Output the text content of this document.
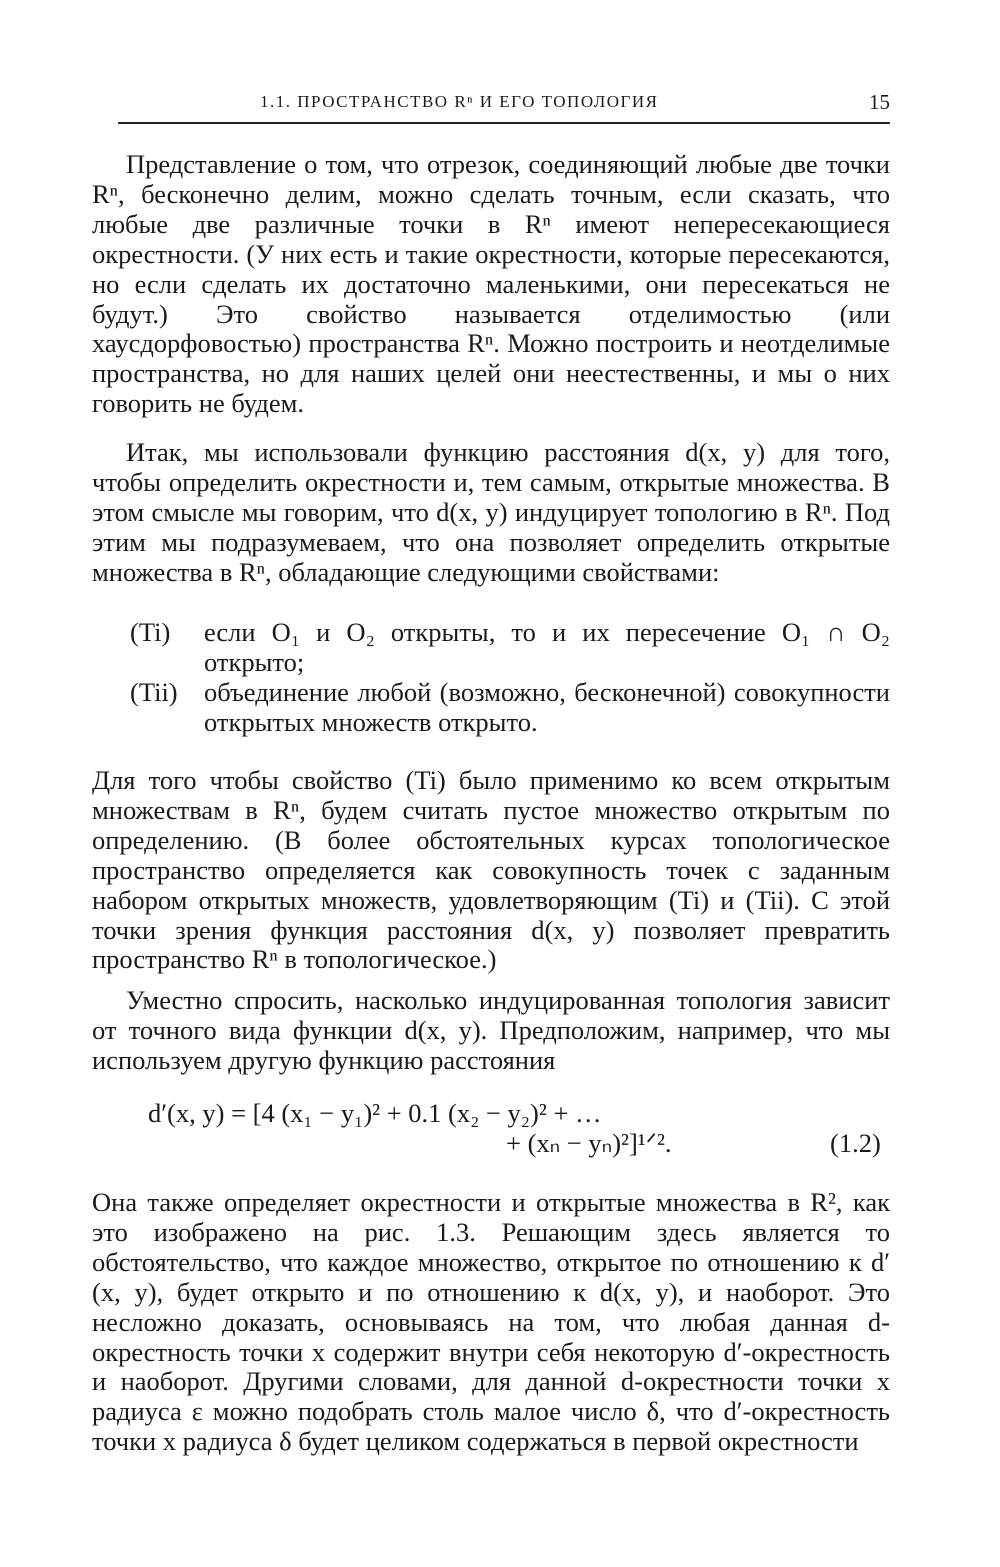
1.1. ПРОСТРАНСТВО Rⁿ И ЕГО ТОПОЛОГИЯ	15

Представление о том, что отрезок, соединяющий любые две точки Rⁿ, бесконечно делим, можно сделать точным, если сказать, что любые две различные точки в Rⁿ имеют непересекающиеся окрестности. (У них есть и такие окрестности, которые пересекаются, но если сделать их достаточно маленькими, они пересекаться не будут.) Это свойство называется отделимостью (или хаусдорфовостью) пространства Rⁿ. Можно построить и неотделимые пространства, но для наших целей они неестественны, и мы о них говорить не будем.

Итак, мы использовали функцию расстояния d(x, y) для того, чтобы определить окрестности и, тем самым, открытые множества. В этом смысле мы говорим, что d(x, y) индуцирует топологию в Rⁿ. Под этим мы подразумеваем, что она позволяет определить открытые множества в Rⁿ, обладающие следующими свойствами:

(Ti)	если O₁ и O₂ открыты, то и их пересечение O₁ ∩ O₂ открыто;
(Tii) объединение любой (возможно, бесконечной) совокупности открытых множеств открыто.

Для того чтобы свойство (Ti) было применимо ко всем открытым множествам в Rⁿ, будем считать пустое множество открытым по определению. (В более обстоятельных курсах топологическое пространство определяется как совокупность точек с заданным набором открытых множеств, удовлетворяющим (Ti) и (Tii). С этой точки зрения функция расстояния d(x, y) позволяет превратить пространство Rⁿ в топологическое.)

Уместно спросить, насколько индуцированная топология зависит от точного вида функции d(x, y). Предположим, например, что мы используем другую функцию расстояния

d′(x, y) = [4 (x₁ − y₁)² + 0.1 (x₂ − y₂)² + …
+ (xₙ − yₙ)²]¹ᐟ².	(1.2)

Она также определяет окрестности и открытые множества в R², как это изображено на рис. 1.3. Решающим здесь является то обстоятельство, что каждое множество, открытое по отношению к d′(x, y), будет открыто и по отношению к d(x, y), и наоборот. Это несложно доказать, основываясь на том, что любая данная d-окрестность точки x содержит внутри себя некоторую d′-окрестность и наоборот. Другими словами, для данной d-окрестности точки x радиуса ε можно подобрать столь малое число δ, что d′-окрестность точки x радиуса δ будет целиком содержаться в первой окрестности
